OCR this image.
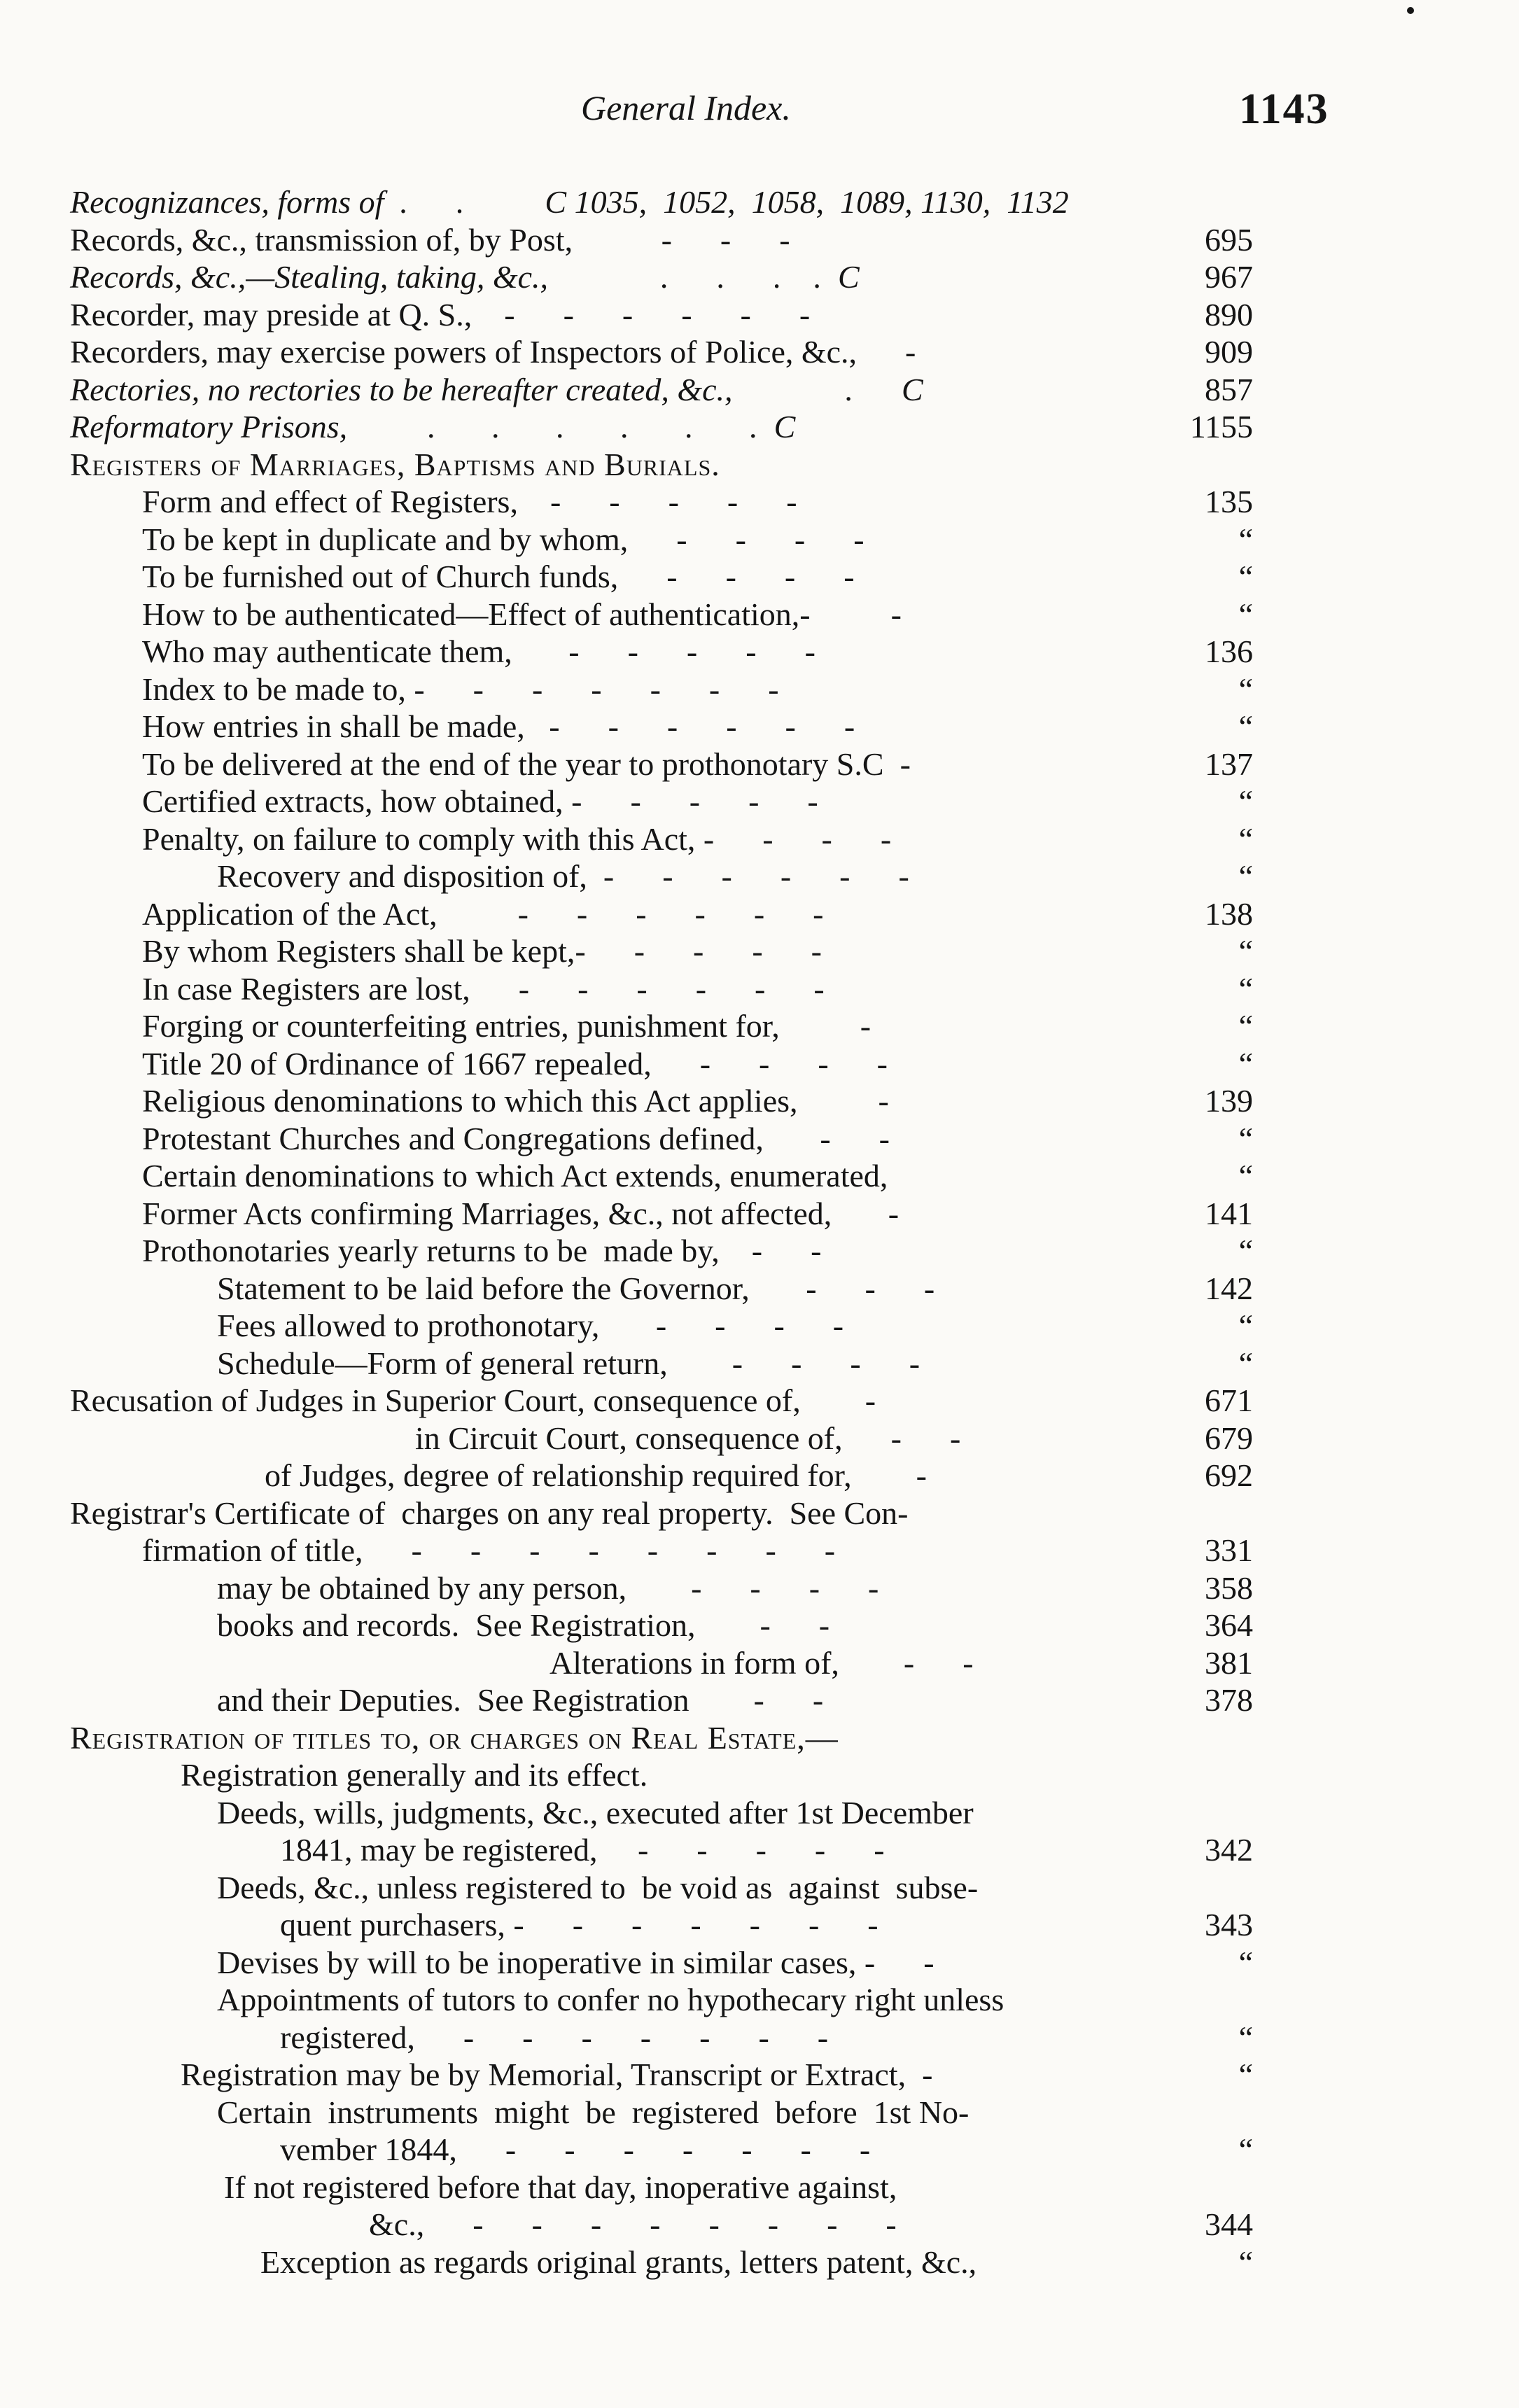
General Index.	1143
Recognizances, forms of  .      .          C 1035,  1052,  1058,  1089, 1130,  1132
Records, &c., transmission of, by Post,           -      -      -	695
Records, &c.,—Stealing, taking, &c.,              .      .      .    .  C	967
Recorder, may preside at Q. S.,    -      -      -      -      -      -	890
Recorders, may exercise powers of Inspectors of Police, &c.,      -	909
Rectories, no rectories to be hereafter created, &c.,              .      C	857
Reformatory Prisons,          .       .       .       .       .       .  C	1155
Registers of Marriages, Baptisms and Burials.
Form and effect of Registers,    -      -      -      -      -	135
To be kept in duplicate and by whom,      -      -      -      -	“
To be furnished out of Church funds,      -      -      -      -	“
How to be authenticated—Effect of authentication,-          -	“
Who may authenticate them,       -      -      -      -      -	136
Index to be made to, -      -      -      -      -      -      -	“
How entries in shall be made,   -      -      -      -      -      -	“
To be delivered at the end of the year to prothonotary S.C  -	137
Certified extracts, how obtained, -      -      -      -      -	“
Penalty, on failure to comply with this Act, -      -      -      -	“
Recovery and disposition of,  -      -      -      -      -      -	“
Application of the Act,          -      -      -      -      -      -	138
By whom Registers shall be kept,-      -      -      -      -	“
In case Registers are lost,      -      -      -      -      -      -	“
Forging or counterfeiting entries, punishment for,          -	“
Title 20 of Ordinance of 1667 repealed,      -      -      -      -	“
Religious denominations to which this Act applies,          -	139
Protestant Churches and Congregations defined,       -      -	“
Certain denominations to which Act extends, enumerated,	“
Former Acts confirming Marriages, &c., not affected,       -	141
Prothonotaries yearly returns to be  made by,    -      -	“
Statement to be laid before the Governor,       -      -      -	142
Fees allowed to prothonotary,       -      -      -      -	“
Schedule—Form of general return,        -      -      -      -	“
Recusation of Judges in Superior Court, consequence of,        -	671
in Circuit Court, consequence of,      -      -	679
of Judges, degree of relationship required for,        -	692
Registrar's Certificate of  charges on any real property.  See Con-
firmation of title,      -      -      -      -      -      -      -      -	331
may be obtained by any person,        -      -      -      -	358
books and records.  See Registration,        -      -	364
Alterations in form of,        -      -	381
and their Deputies.  See Registration        -      -	378
Registration of titles to, or charges on Real Estate,—
Registration generally and its effect.
Deeds, wills, judgments, &c., executed after 1st December
1841, may be registered,     -      -      -      -      -	342
Deeds, &c., unless registered to  be void as  against  subse-
quent purchasers, -      -      -      -      -      -      -	343
Devises by will to be inoperative in similar cases, -      -	“
Appointments of tutors to confer no hypothecary right unless
registered,      -      -      -      -      -      -      -	“
Registration may be by Memorial, Transcript or Extract,  -	“
Certain  instruments  might  be  registered  before  1st No-
vember 1844,      -      -      -      -      -      -      -	“
If not registered before that day, inoperative against,
&c.,      -      -      -      -      -      -      -      -	344
Exception as regards original grants, letters patent, &c.,	“
